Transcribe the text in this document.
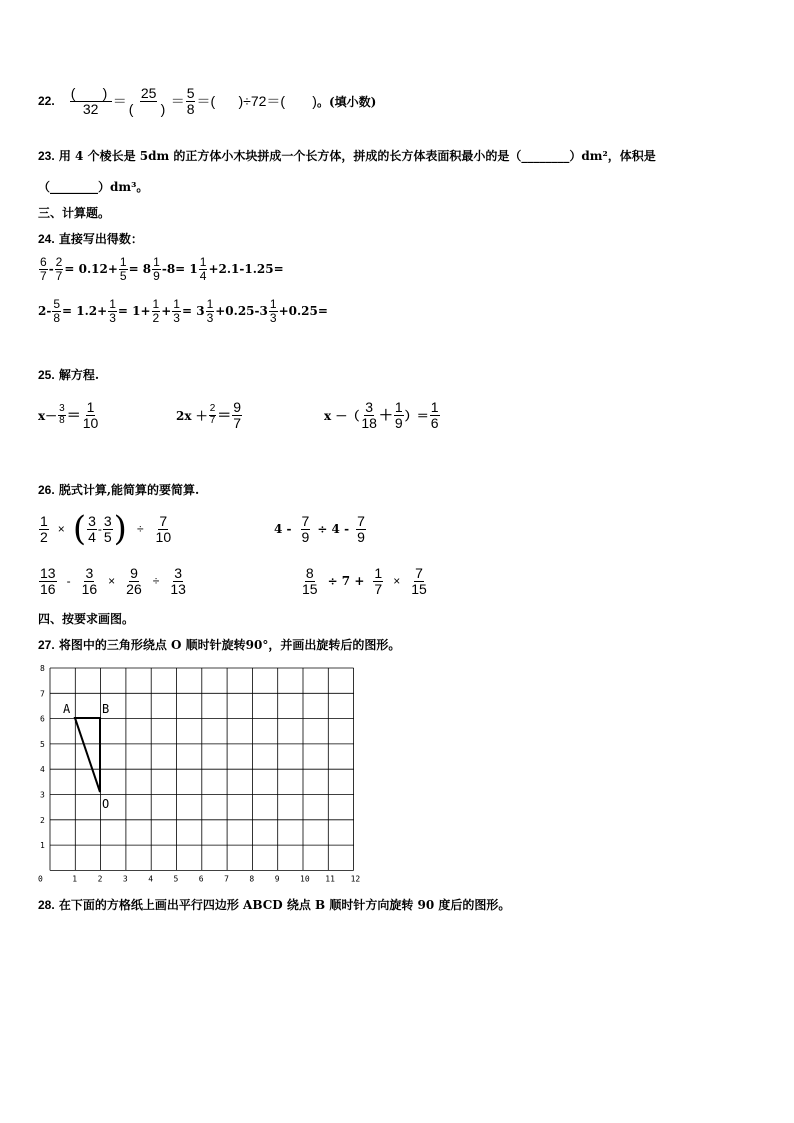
22. $\frac{( )}{32} = \frac{25}{( )} = \frac{5}{8}$ ＝(      ) ÷72＝ (       ) 。(填小数)
23. 用 4 个棱长是 5dm 的正方体小木块拼成一个长方体，拼成的长方体表面积最小的是（________）dm²，体积是
（________）dm³。
三、计算题。
24. 直接写出得数：
$\frac{6}{7} - \frac{2}{7} = 0.12+ \frac{1}{5} = 8 \frac{1}{9} -8= 1 \frac{1}{4} +2.1-1.25=$
$2- \frac{5}{8} = 1.2+ \frac{1}{3} = 1+ \frac{1}{2} + \frac{1}{3} = 3 \frac{1}{3} +0.25-3 \frac{1}{3} +0.25=$
25. 解方程.
$x- \frac{3}{8} = \frac{1}{10}$	$2x + \frac{2}{7} = \frac{9}{7}$	x －（ $\frac{3}{18} + \frac{1}{9}$ ）＝ $\frac{1}{6}$
26. 脱式计算,能简算的要简算.
$\frac{1}{2}$ × ( $\frac{3}{4} - \frac{3}{5}$ ) ÷ $\frac{7}{10}$	$4 - \frac{7}{9} \div 4 - \frac{7}{9}$
$\frac{13}{16} - \frac{3}{16} \times \frac{9}{26} \div \frac{3}{13}$	$\frac{8}{15} \div 7 + \frac{1}{7} \times \frac{7}{15}$
四、按要求画图。
27. 将图中的三角形绕点 O 顺时针旋转90°，并画出旋转后的图形。
0	1	2	3	4	5	6	7	8	9	10 11 12
1
2
3
4
5
6
7
8
A	B
O
28. 在下面的方格纸上画出平行四边形 ABCD 绕点 B 顺时针方向旋转 90 度后的图形。
